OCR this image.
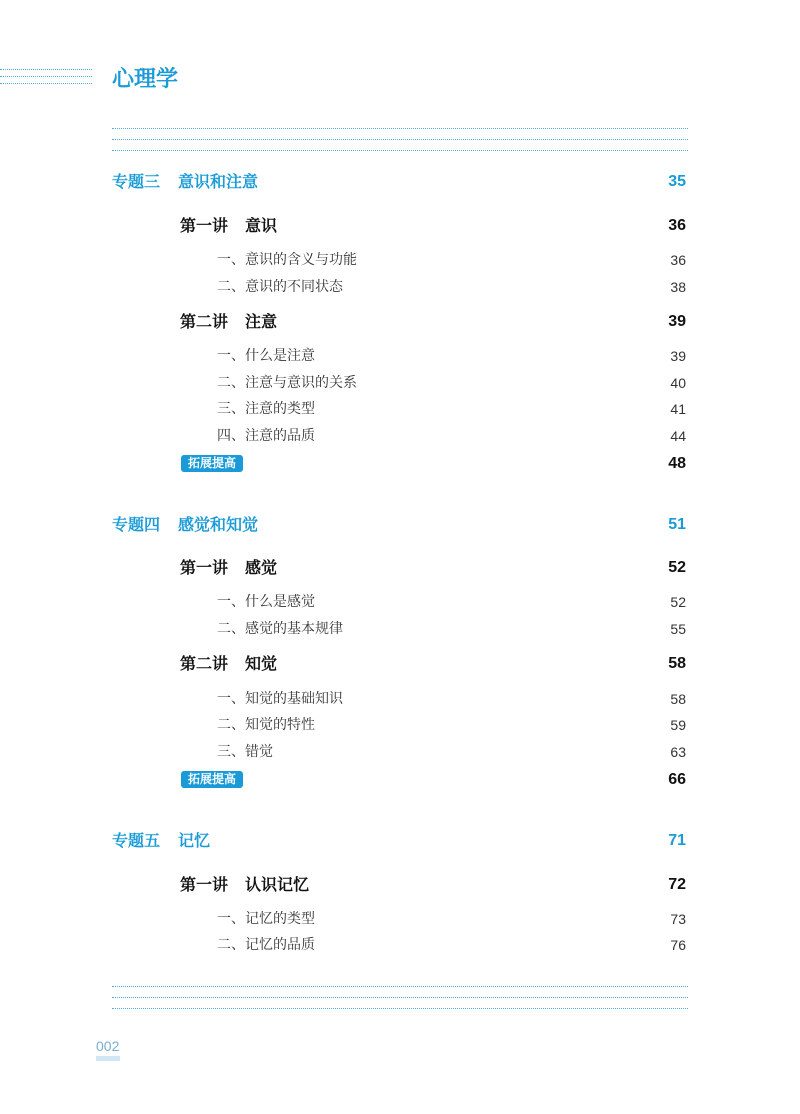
心理学
专题三 意识和注意	35
第一讲 意识	36
一、意识的含义与功能	36
二、意识的不同状态	38
第二讲 注意	39
一、什么是注意	39
二、注意与意识的关系	40
三、注意的类型	41
四、注意的品质	44
拓展提高	48
专题四 感觉和知觉	51
第一讲 感觉	52
一、什么是感觉	52
二、感觉的基本规律	55
第二讲 知觉	58
一、知觉的基础知识	58
二、知觉的特性	59
三、错觉	63
拓展提高	66
专题五 记忆	71
第一讲 认识记忆	72
一、记忆的类型	73
二、记忆的品质	76
002
